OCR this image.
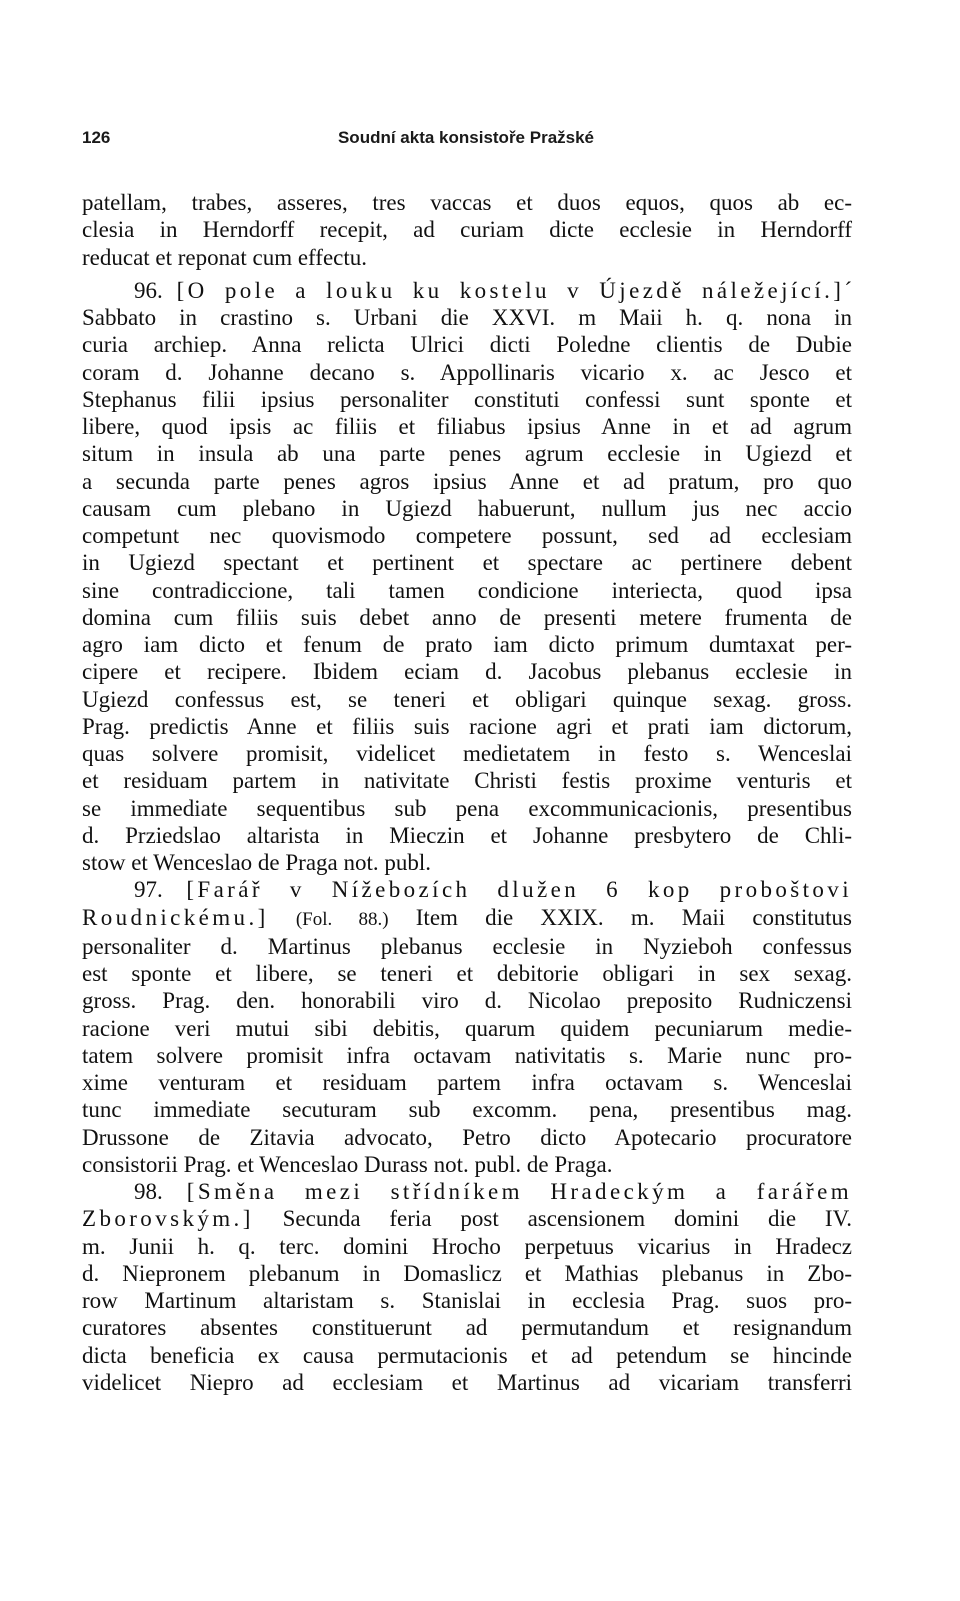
126	Soudní akta konsistoře Pražské
patellam, trabes, asseres, tres vaccas et duos equos, quos ab ec-
clesia in Herndorff recepit, ad curiam dicte ecclesie in Herndorff
reducat et reponat cum effectu.
96. [O pole a louku ku kostelu v Újezdě náležející.]´
Sabbato in crastino s. Urbani die XXVI. m Maii h. q. nona in
curia archiep. Anna relicta Ulrici dicti Poledne clientis de Dubie
coram d. Johanne decano s. Appollinaris vicario x. ac Jesco et
Stephanus filii ipsius personaliter constituti confessi sunt sponte et
libere, quod ipsis ac filiis et filiabus ipsius Anne in et ad agrum
situm in insula ab una parte penes agrum ecclesie in Ugiezd et
a secunda parte penes agros ipsius Anne et ad pratum, pro quo
causam cum plebano in Ugiezd habuerunt, nullum jus nec accio
competunt nec quovismodo competere possunt, sed ad ecclesiam
in Ugiezd spectant et pertinent et spectare ac pertinere debent
sine contradiccione, tali tamen condicione interiecta, quod ipsa
domina cum filiis suis debet anno de presenti metere frumenta de
agro iam dicto et fenum de prato iam dicto primum dumtaxat per-
cipere et recipere. Ibidem eciam d. Jacobus plebanus ecclesie in
Ugiezd confessus est, se teneri et obligari quinque sexag. gross.
Prag. predictis Anne et filiis suis racione agri et prati iam dictorum,
quas solvere promisit, videlicet medietatem in festo s. Wenceslai
et residuam partem in nativitate Christi festis proxime venturis et
se immediate sequentibus sub pena excommunicacionis, presentibus
d. Prziedslao altarista in Mieczin et Johanne presbytero de Chli-
stow et Wenceslao de Praga not. publ.
97. [Farář v Nížebozích dlužen 6 kop proboštovi
Roudnickému.] (Fol. 88.) Item die XXIX. m. Maii constitutus
personaliter d. Martinus plebanus ecclesie in Nyzieboh confessus
est sponte et libere, se teneri et debitorie obligari in sex sexag.
gross. Prag. den. honorabili viro d. Nicolao preposito Rudniczensi
racione veri mutui sibi debitis, quarum quidem pecuniarum medie-
tatem solvere promisit infra octavam nativitatis s. Marie nunc pro-
xime venturam et residuam partem infra octavam s. Wenceslai
tunc immediate secuturam sub excomm. pena, presentibus mag.
Drussone de Zitavia advocato, Petro dicto Apotecario procuratore
consistorii Prag. et Wenceslao Durass not. publ. de Praga.
98. [Směna mezi střídníkem Hradeckým a farářem
Zborovským.] Secunda feria post ascensionem domini die IV.
m. Junii h. q. terc. domini Hrocho perpetuus vicarius in Hradecz
d. Niepronem plebanum in Domaslicz et Mathias plebanus in Zbo-
row Martinum altaristam s. Stanislai in ecclesia Prag. suos pro-
curatores absentes constituerunt ad permutandum et resignandum
dicta beneficia ex causa permutacionis et ad petendum se hincinde
videlicet Niepro ad ecclesiam et Martinus ad vicariam transferri
